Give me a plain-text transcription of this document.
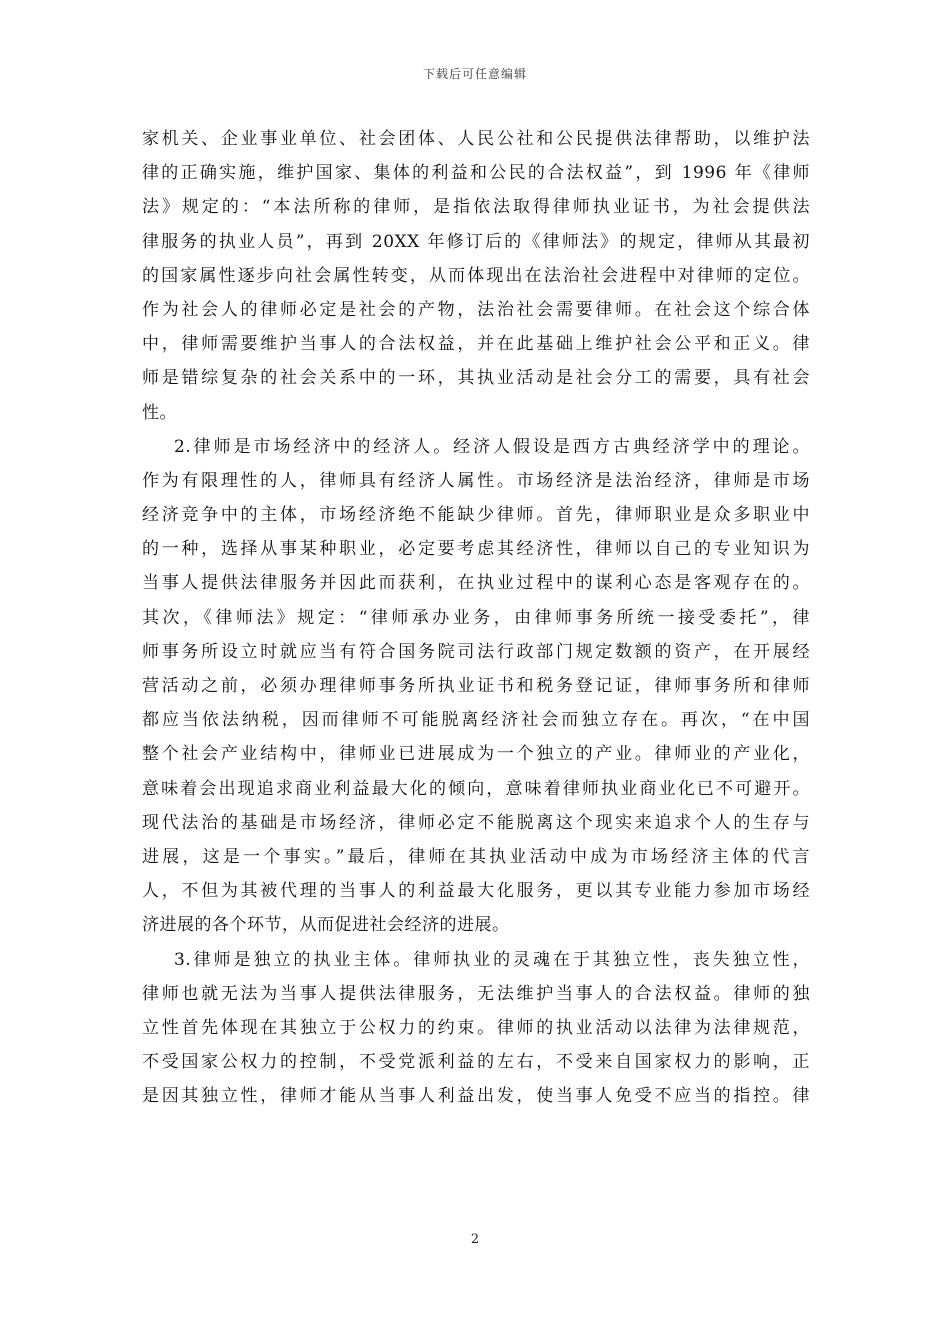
下载后可任意编辑
家机关、企业事业单位、社会团体、人民公社和公民提供法律帮助，以维护法
律的正确实施，维护国家、集体的利益和公民的合法权益”，到 1996 年《律师
法》规定的：“本法所称的律师，是指依法取得律师执业证书，为社会提供法
律服务的执业人员”，再到 20XX 年修订后的《律师法》的规定，律师从其最初
的国家属性逐步向社会属性转变，从而体现出在法治社会进程中对律师的定位。
作为社会人的律师必定是社会的产物，法治社会需要律师。在社会这个综合体
中，律师需要维护当事人的合法权益，并在此基础上维护社会公平和正义。律
师是错综复杂的社会关系中的一环，其执业活动是社会分工的需要，具有社会
性。
2.律师是市场经济中的经济人。经济人假设是西方古典经济学中的理论。
作为有限理性的人，律师具有经济人属性。市场经济是法治经济，律师是市场
经济竞争中的主体，市场经济绝不能缺少律师。首先，律师职业是众多职业中
的一种，选择从事某种职业，必定要考虑其经济性，律师以自己的专业知识为
当事人提供法律服务并因此而获利，在执业过程中的谋利心态是客观存在的。
其次，《律师法》规定：“律师承办业务，由律师事务所统一接受委托”，律
师事务所设立时就应当有符合国务院司法行政部门规定数额的资产，在开展经
营活动之前，必须办理律师事务所执业证书和税务登记证，律师事务所和律师
都应当依法纳税，因而律师不可能脱离经济社会而独立存在。再次，“在中国
整个社会产业结构中，律师业已进展成为一个独立的产业。律师业的产业化，
意味着会出现追求商业利益最大化的倾向，意味着律师执业商业化已不可避开。
现代法治的基础是市场经济，律师必定不能脱离这个现实来追求个人的生存与
进展，这是一个事实。”最后，律师在其执业活动中成为市场经济主体的代言
人，不但为其被代理的当事人的利益最大化服务，更以其专业能力参加市场经
济进展的各个环节，从而促进社会经济的进展。
3.律师是独立的执业主体。律师执业的灵魂在于其独立性，丧失独立性，
律师也就无法为当事人提供法律服务，无法维护当事人的合法权益。律师的独
立性首先体现在其独立于公权力的约束。律师的执业活动以法律为法律规范，
不受国家公权力的控制，不受党派利益的左右，不受来自国家权力的影响，正
是因其独立性，律师才能从当事人利益出发，使当事人免受不应当的指控。律
2
